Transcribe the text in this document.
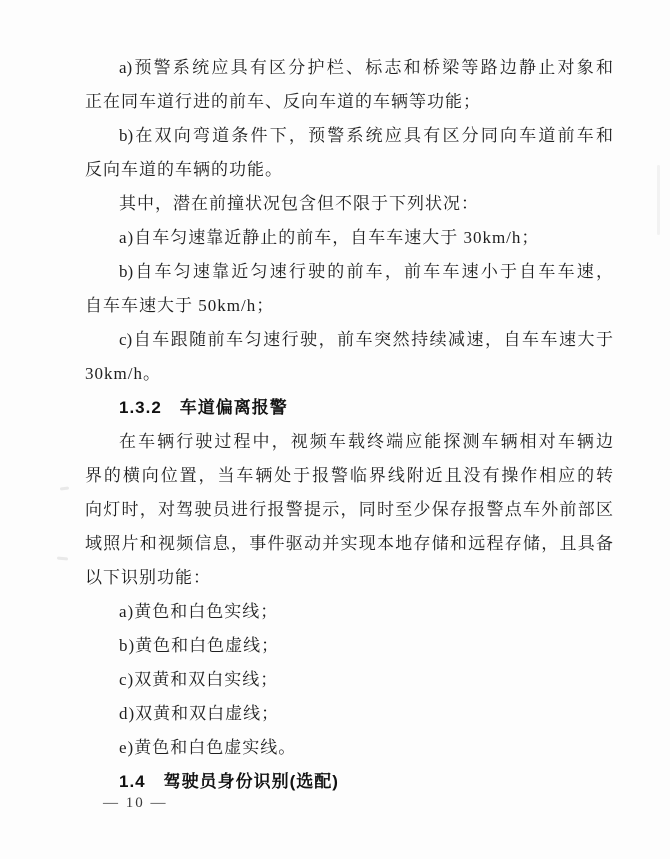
a)预警系统应具有区分护栏、标志和桥梁等路边静止对象和
正在同车道行进的前车、反向车道的车辆等功能；
b)在双向弯道条件下，预警系统应具有区分同向车道前车和
反向车道的车辆的功能。
其中，潜在前撞状况包含但不限于下列状况：
a)自车匀速靠近静止的前车，自车车速大于 30km/h；
b)自车匀速靠近匀速行驶的前车，前车车速小于自车车速，
自车车速大于 50km/h；
c)自车跟随前车匀速行驶，前车突然持续减速，自车车速大于
30km/h。
1.3.2　车道偏离报警
在车辆行驶过程中，视频车载终端应能探测车辆相对车辆边
界的横向位置，当车辆处于报警临界线附近且没有操作相应的转
向灯时，对驾驶员进行报警提示，同时至少保存报警点车外前部区
域照片和视频信息，事件驱动并实现本地存储和远程存储，且具备
以下识别功能：
a)黄色和白色实线；
b)黄色和白色虚线；
c)双黄和双白实线；
d)双黄和双白虚线；
e)黄色和白色虚实线。
1.4　驾驶员身份识别(选配)
— 10 —
